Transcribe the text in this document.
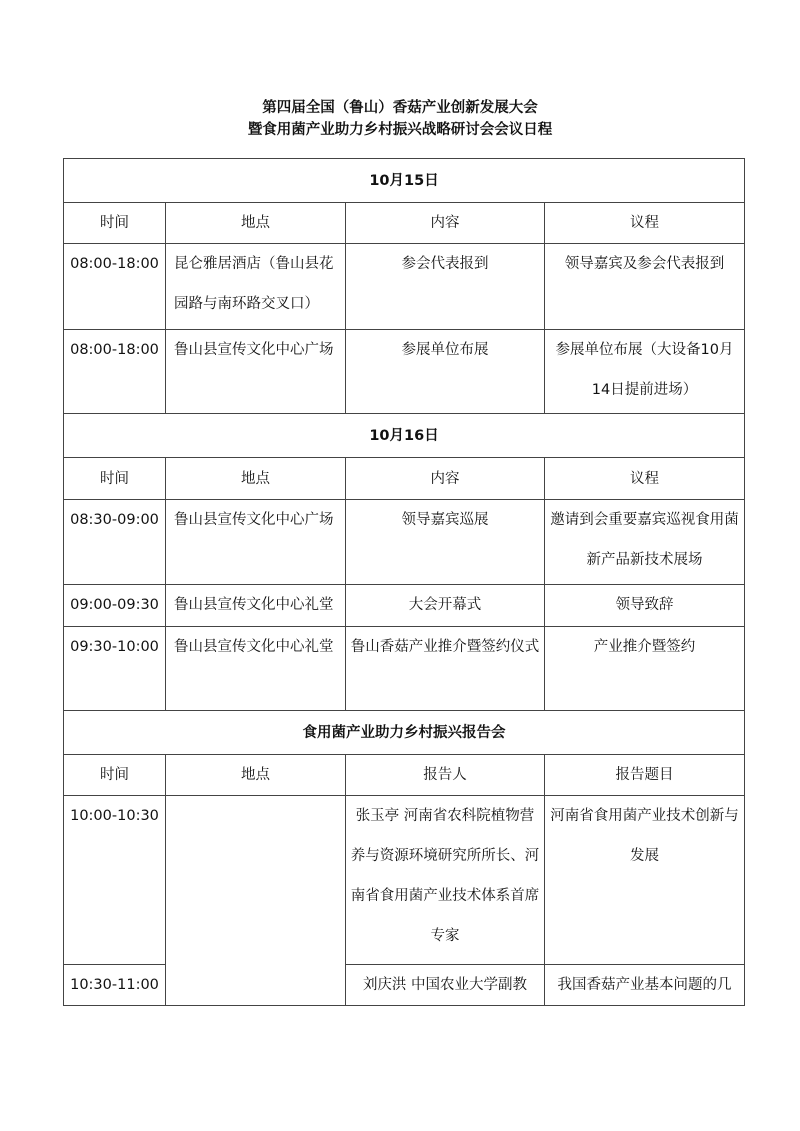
第四届全国（鲁山）香菇产业创新发展大会
暨食用菌产业助力乡村振兴战略研讨会会议日程
10月15日			
时间	地点	内容	议程
08:00-18:00	昆仑雅居酒店（鲁山县花园路与南环路交叉口）	参会代表报到	领导嘉宾及参会代表报到
08:00-18:00	鲁山县宣传文化中心广场	参展单位布展	参展单位布展（大设备10月14日提前进场）
10月16日			
时间	地点	内容	议程
08:30-09:00	鲁山县宣传文化中心广场	领导嘉宾巡展	邀请到会重要嘉宾巡视食用菌新产品新技术展场
09:00-09:30	鲁山县宣传文化中心礼堂	大会开幕式	领导致辞
09:30-10:00	鲁山县宣传文化中心礼堂	鲁山香菇产业推介暨签约仪式	产业推介暨签约
食用菌产业助力乡村振兴报告会			
时间	地点	报告人	报告题目
10:00-10:30		张玉亭 河南省农科院植物营养与资源环境研究所所长、河南省食用菌产业技术体系首席专家	河南省食用菌产业技术创新与发展
10:30-11:00		刘庆洪 中国农业大学副教	我国香菇产业基本问题的几
